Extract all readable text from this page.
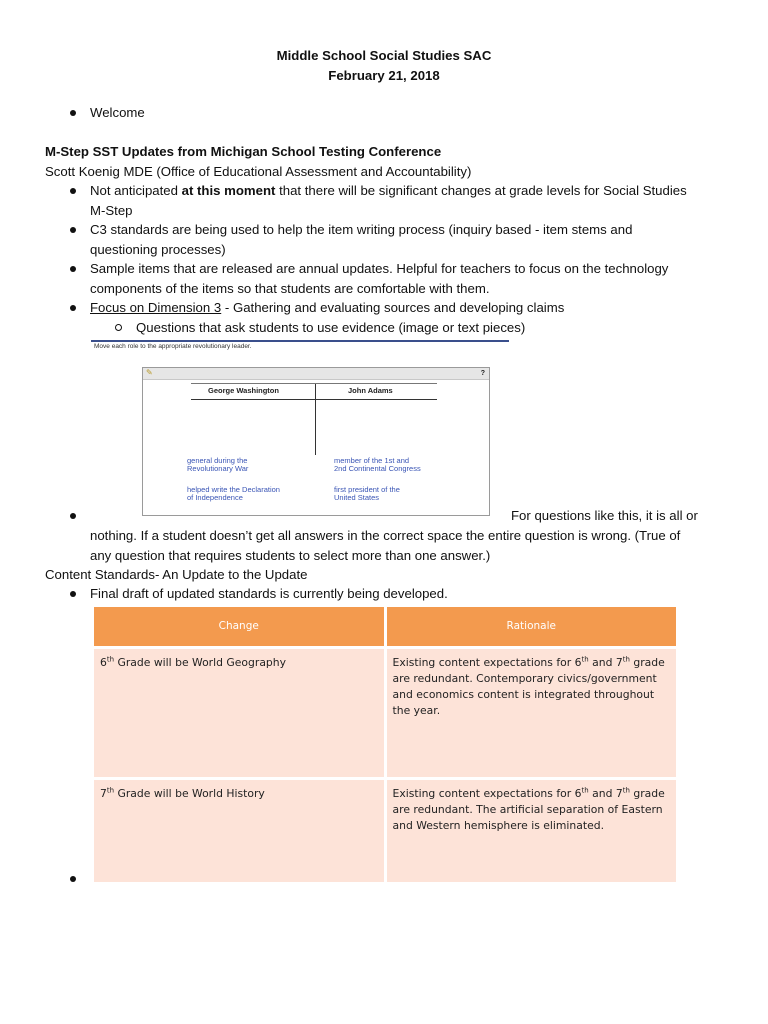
Middle School Social Studies SAC
February 21, 2018
Welcome
M-Step SST Updates from Michigan School Testing Conference
Scott Koenig MDE (Office of Educational Assessment and Accountability)
Not anticipated at this moment that there will be significant changes at grade levels for Social Studies
M-Step
C3 standards are being used to help the item writing process (inquiry based - item stems and
questioning processes)
Sample items that are released are annual updates. Helpful for teachers to focus on the technology
components of the items so that students are comfortable with them.
Focus on Dimension 3 - Gathering and evaluating sources and developing claims
Questions that ask students to use evidence (image or text pieces)
Move each role to the appropriate revolutionary leader.
✎	?
George Washington	John Adams
general during the
Revolutionary War
member of the 1st and
2nd Continental Congress
helped write the Declaration
of Independence
first president of the
United States
For questions like this, it is all or
nothing. If a student doesn’t get all answers in the correct space the entire question is wrong. (True of
any question that requires students to select more than one answer.)
Content Standards- An Update to the Update
Final draft of updated standards is currently being developed.
Change	Rationale
6th Grade will be World Geography	Existing content expectations for 6th and 7th grade are redundant. Contemporary civics/government and economics content is integrated throughout the year.
7th Grade will be World History	Existing content expectations for 6th and 7th grade are redundant. The artificial separation of Eastern and Western hemisphere is eliminated.
